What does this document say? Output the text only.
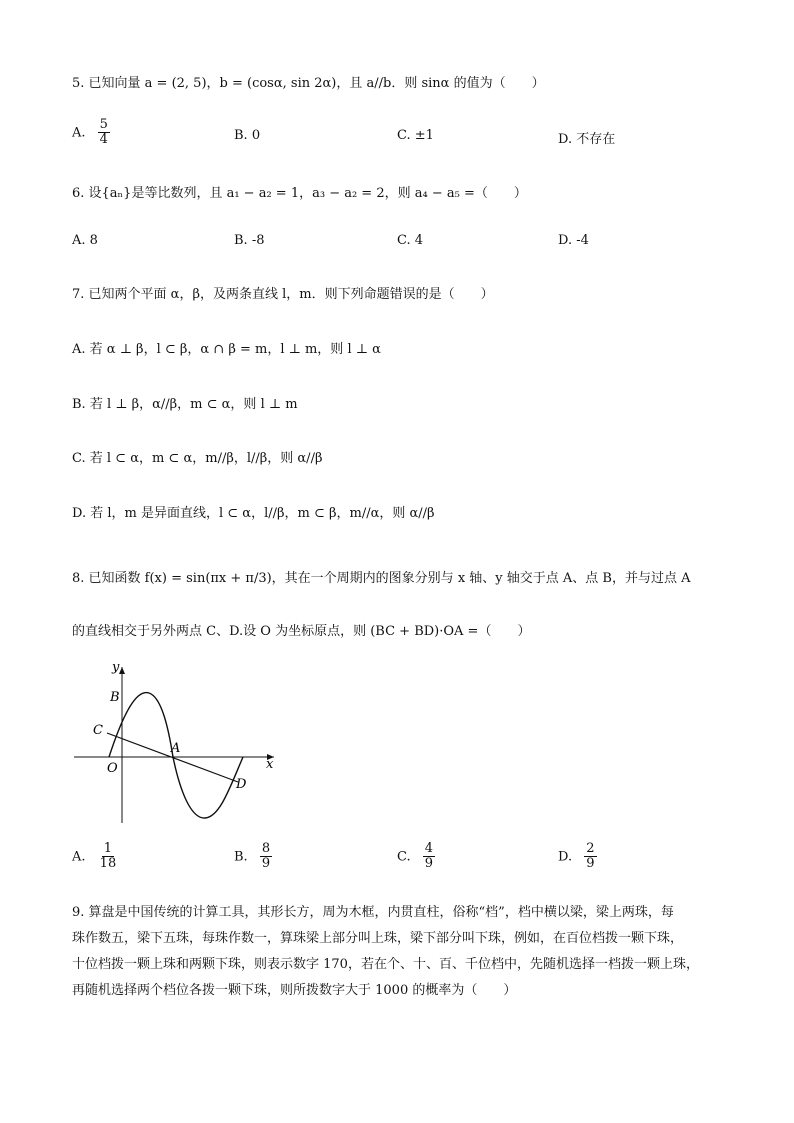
5. 已知向量 a = (2, 5)，b = (cosα, sin 2α)，且 a//b．则 sinα 的值为（　　）
A. $\frac{5}{4}$	B. 0	C. ±1	D. 不存在
6. 设{aₙ}是等比数列，且 a₁ − a₂ = 1，a₃ − a₂ = 2，则 a₄ − a₅ =（　　）
A. 8	B. -8	C. 4	D. -4
7. 已知两个平面 α，β，及两条直线 l，m．则下列命题错误的是（　　）
A. 若 α ⊥ β，l ⊂ β，α ∩ β = m，l ⊥ m，则 l ⊥ α
B. 若 l ⊥ β，α//β，m ⊂ α，则 l ⊥ m
C. 若 l ⊂ α，m ⊂ α，m//β，l//β，则 α//β
D. 若 l，m 是异面直线，l ⊂ α，l//β，m ⊂ β，m//α，则 α//β
8. 已知函数 f(x) = sin(πx + π/3)，其在一个周期内的图象分别与 x 轴、y 轴交于点 A、点 B，并与过点 A
的直线相交于另外两点 C、D.设 O 为坐标原点，则 (BC + BD)·OA =（　　）
y
x
B
C
A
O
D
A. $\frac{1}{18}$	B. $\frac{8}{9}$	C. $\frac{4}{9}$	D. $\frac{2}{9}$
9. 算盘是中国传统的计算工具，其形长方，周为木框，内贯直柱，俗称“档”，档中横以梁，梁上两珠，每
珠作数五，梁下五珠，每珠作数一，算珠梁上部分叫上珠，梁下部分叫下珠，例如，在百位档拨一颗下珠，
十位档拨一颗上珠和两颗下珠，则表示数字 170，若在个、十、百、千位档中，先随机选择一档拨一颗上珠，
再随机选择两个档位各拨一颗下珠，则所拨数字大于 1000 的概率为（　　）
